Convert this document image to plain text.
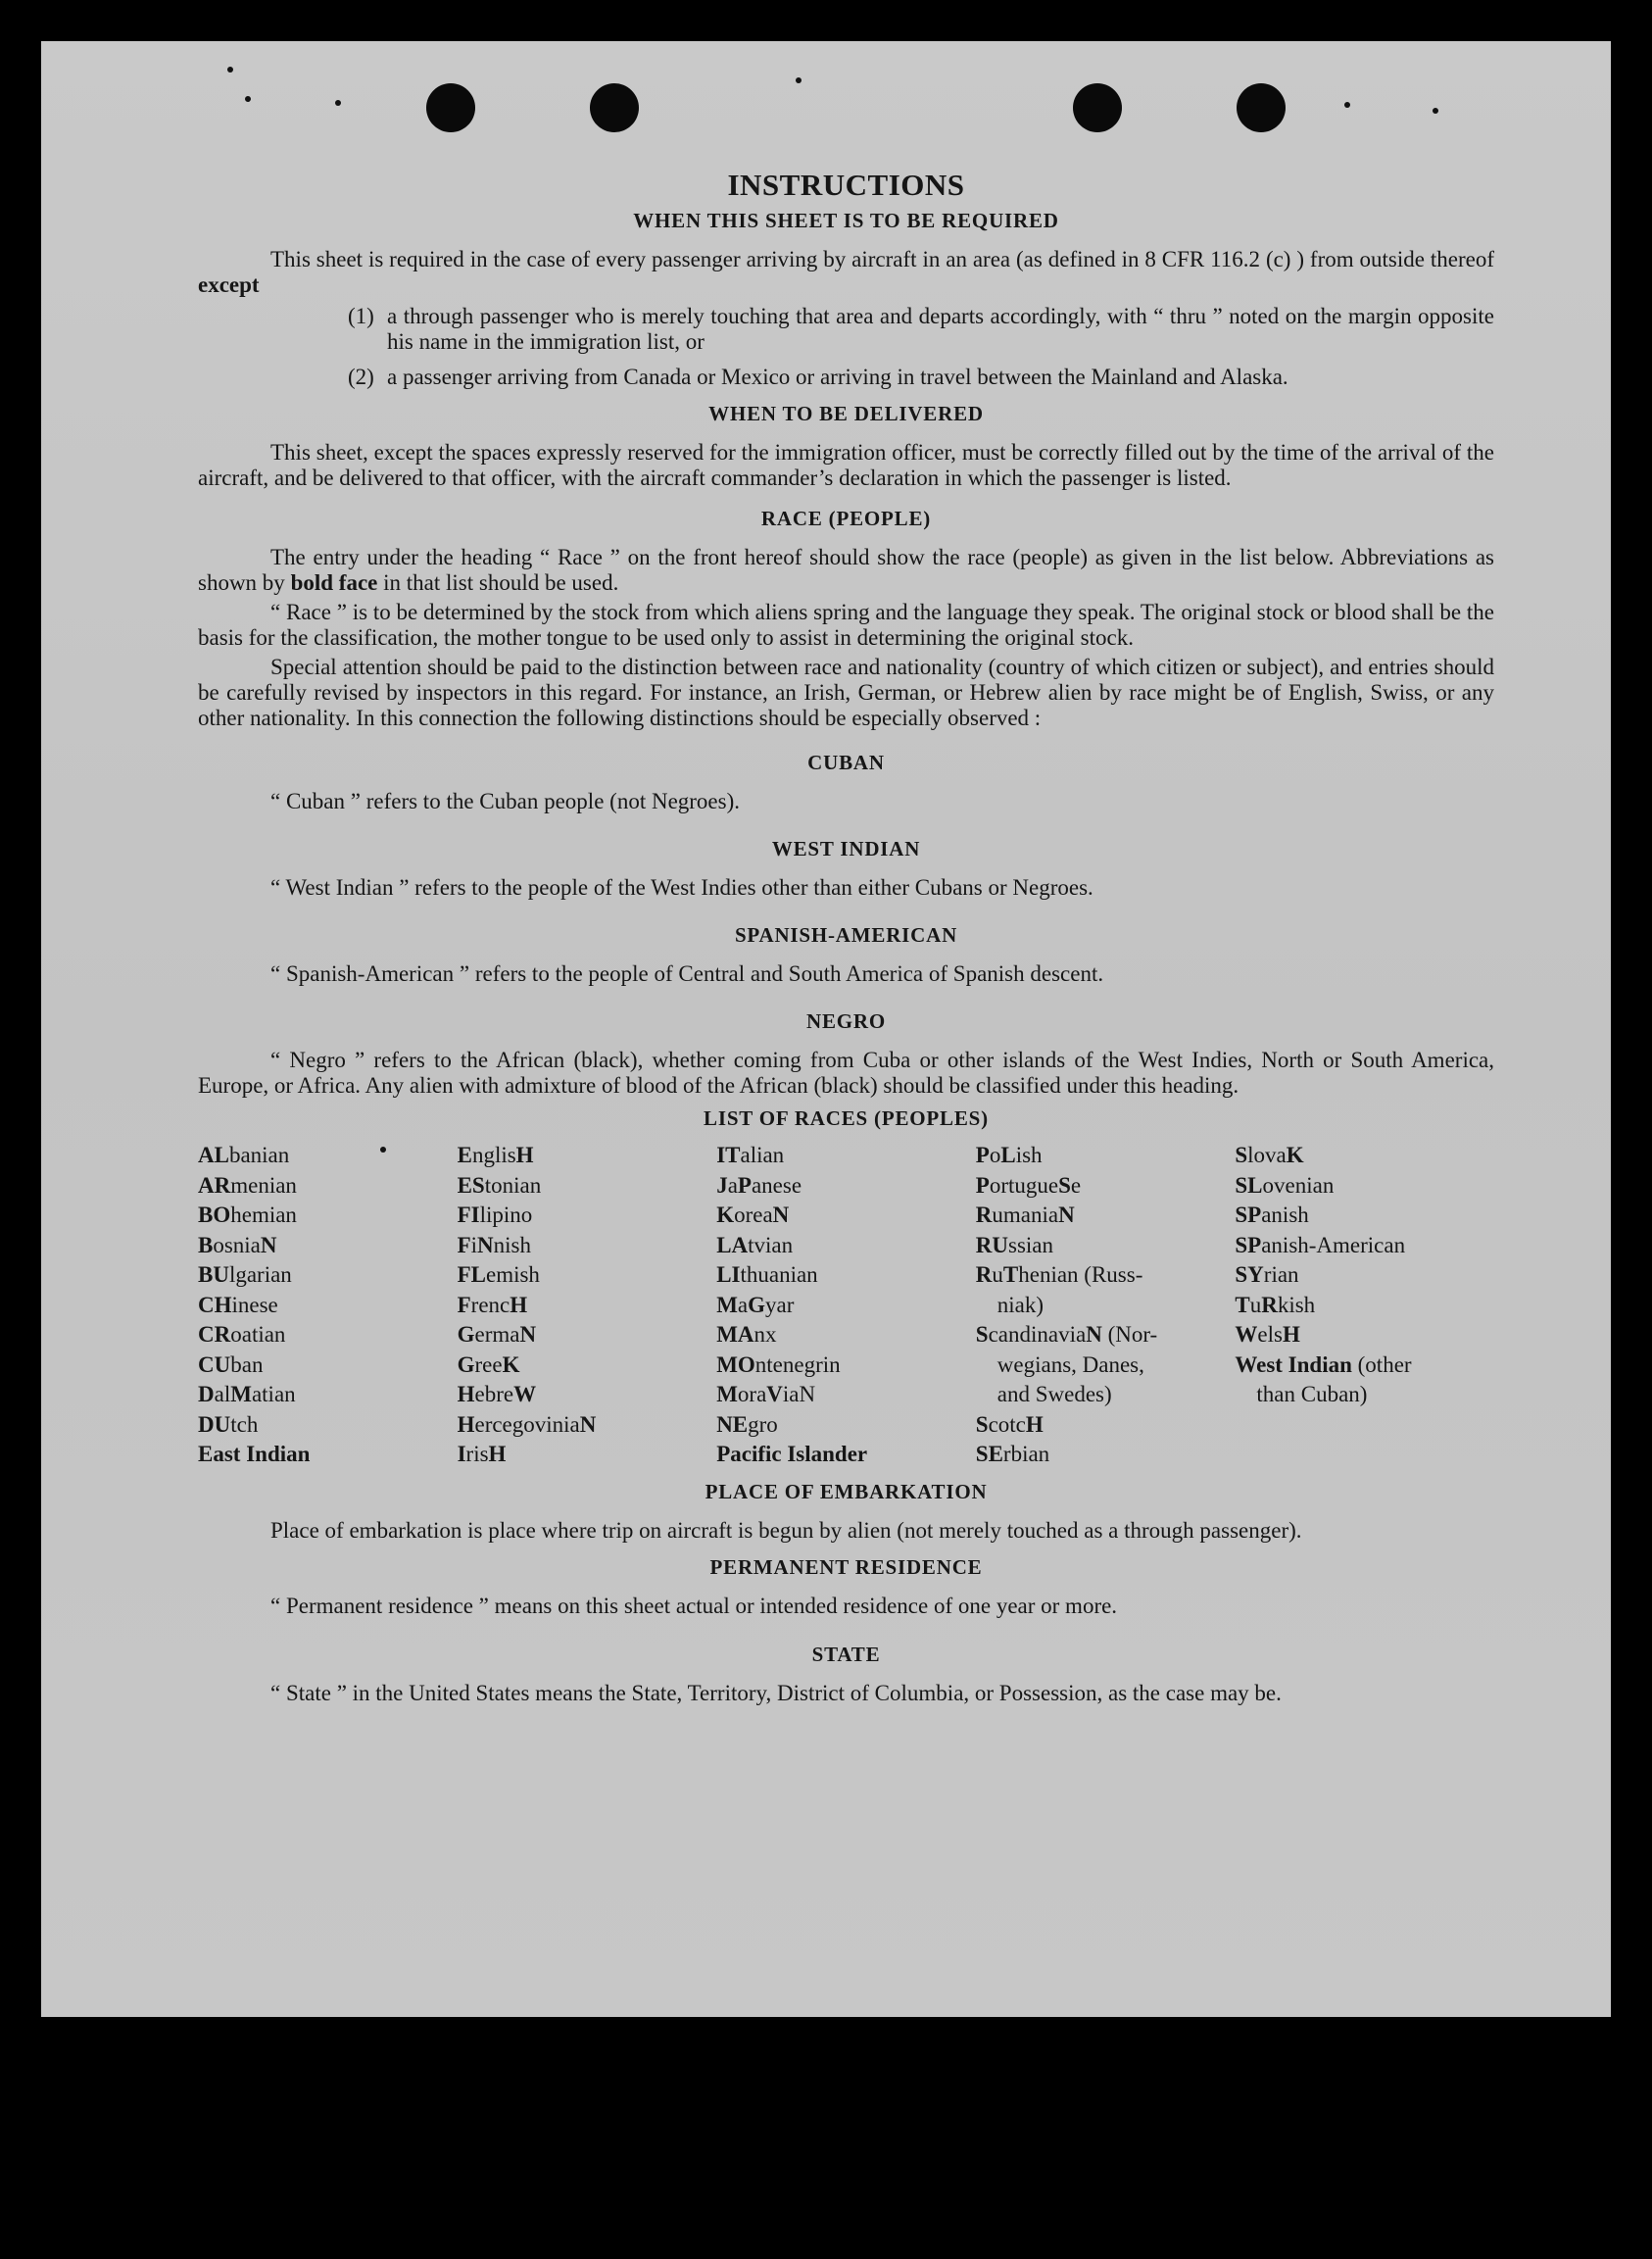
INSTRUCTIONS
WHEN THIS SHEET IS TO BE REQUIRED

This sheet is required in the case of every passenger arriving by aircraft in an area (as defined in 8 CFR 116.2 (c) ) from outside thereof except

(1) a through passenger who is merely touching that area and departs accordingly, with “ thru ” noted on the margin opposite his name in the immigration list, or
(2) a passenger arriving from Canada or Mexico or arriving in travel between the Mainland and Alaska.
WHEN TO BE DELIVERED

This sheet, except the spaces expressly reserved for the immigration officer, must be correctly filled out by the time of the arrival of the aircraft, and be delivered to that officer, with the aircraft commander’s declaration in which the passenger is listed.

RACE (PEOPLE)

The entry under the heading “ Race ” on the front hereof should show the race (people) as given in the list below. Abbreviations as shown by bold face in that list should be used.

“ Race ” is to be determined by the stock from which aliens spring and the language they speak. The original stock or blood shall be the basis for the classification, the mother tongue to be used only to assist in determining the original stock.

Special attention should be paid to the distinction between race and nationality (country of which citizen or subject), and entries should be carefully revised by inspectors in this regard. For instance, an Irish, German, or Hebrew alien by race might be of English, Swiss, or any other nationality. In this connection the following distinctions should be especially observed :

CUBAN

“ Cuban ” refers to the Cuban people (not Negroes).

WEST INDIAN

“ West Indian ” refers to the people of the West Indies other than either Cubans or Negroes.

SPANISH-AMERICAN

“ Spanish-American ” refers to the people of Central and South America of Spanish descent.

NEGRO

“ Negro ” refers to the African (black), whether coming from Cuba or other islands of the West Indies, North or South America, Europe, or Africa. Any alien with admixture of blood of the African (black) should be classified under this heading.

LIST OF RACES (PEOPLES)
ALbanian
ARmenian
BOhemian
BosniaN
BUlgarian
CHinese
CRoatian
CUban
DalMatian
DUtch
East Indian
EnglisH
EStonian
FIlipino
FiNnish
FLemish
FrencH
GermaN
GreeK
HebreW
HercegoviniaN
IrisH
ITalian
JaPanese
KoreaN
LAtvian
LIthuanian
MaGyar
MAnx
MOntenegrin
MoraViaN
NEgro
Pacific Islander
PoLish
PortugueSe
RumaniaN
RUssian
RuThenian (Russ-
niak)
ScandinaviaN (Nor-
wegians, Danes,
and Swedes)
ScotcH
SErbian
SlovaK
SLovenian
SPanish
SPanish-American
SYrian
TuRkish
WelsH
West Indian (other
than Cuban)
PLACE OF EMBARKATION

Place of embarkation is place where trip on aircraft is begun by alien (not merely touched as a through passenger).

PERMANENT RESIDENCE

“ Permanent residence ” means on this sheet actual or intended residence of one year or more.

STATE

“ State ” in the United States means the State, Territory, District of Columbia, or Possession, as the case may be.
